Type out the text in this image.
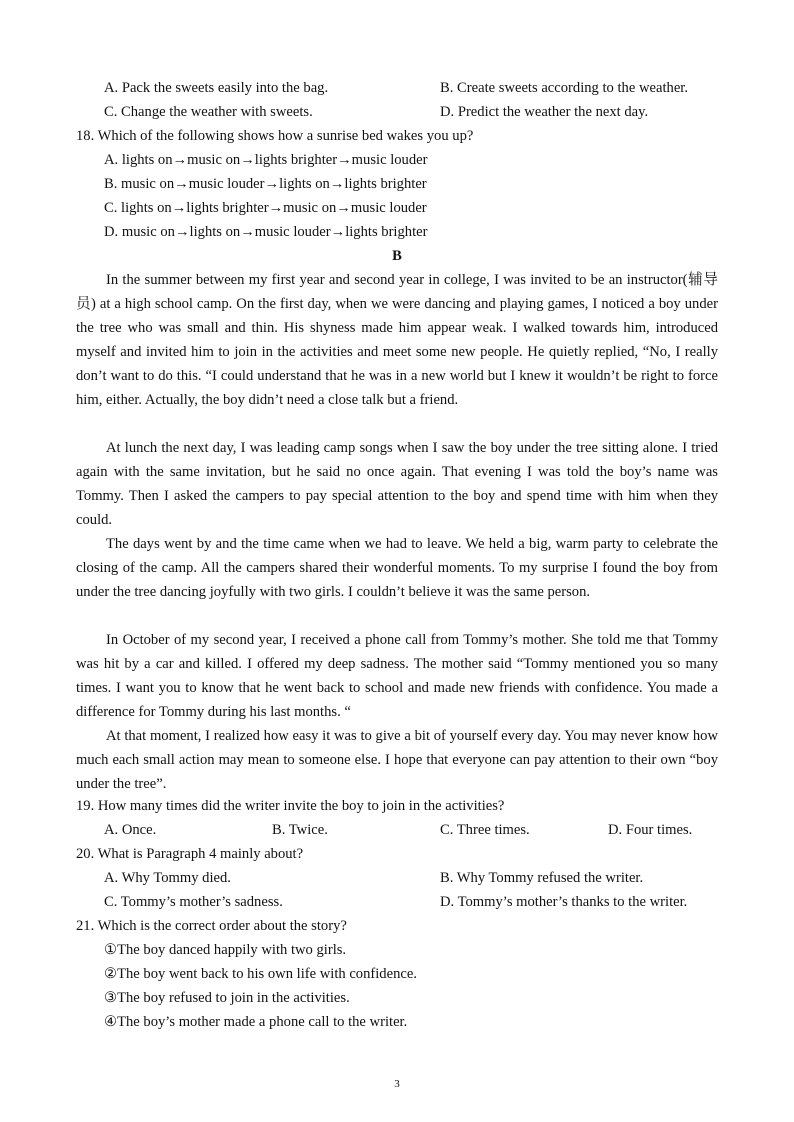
A. Pack the sweets easily into the bag.	B. Create sweets according to the weather.
C. Change the weather with sweets.	D. Predict the weather the next day.
18. Which of the following shows how a sunrise bed wakes you up?
A. lights on→music on→lights brighter→music louder
B. music on→music louder→lights on→lights brighter
C. lights on→lights brighter→music on→music louder
D. music on→lights on→music louder→lights brighter
B
In the summer between my first year and second year in college, I was invited to be an instructor(辅导员) at a high school camp. On the first day, when we were dancing and playing games, I noticed a boy under the tree who was small and thin. His shyness made him appear weak. I walked towards him, introduced myself and invited him to join in the activities and meet some new people. He quietly replied, “No, I really don’t want to do this. “I could understand that he was in a new world but I knew it wouldn’t be right to force him, either. Actually, the boy didn’t need a close talk but a friend.
At lunch the next day, I was leading camp songs when I saw the boy under the tree sitting alone. I tried again with the same invitation, but he said no once again. That evening I was told the boy’s name was Tommy. Then I asked the campers to pay special attention to the boy and spend time with him when they could.
The days went by and the time came when we had to leave. We held a big, warm party to celebrate the closing of the camp. All the campers shared their wonderful moments. To my surprise I found the boy from under the tree dancing joyfully with two girls. I couldn’t believe it was the same person.
In October of my second year, I received a phone call from Tommy’s mother. She told me that Tommy was hit by a car and killed. I offered my deep sadness. The mother said “Tommy mentioned you so many times. I want you to know that he went back to school and made new friends with confidence. You made a difference for Tommy during his last months. “
At that moment, I realized how easy it was to give a bit of yourself every day. You may never know how much each small action may mean to someone else. I hope that everyone can pay attention to their own “boy under the tree”.
19. How many times did the writer invite the boy to join in the activities?
A. Once.	B. Twice.	C. Three times.	D. Four times.
20. What is Paragraph 4 mainly about?
A. Why Tommy died.	B. Why Tommy refused the writer.
C. Tommy’s mother’s sadness.	D. Tommy’s mother’s thanks to the writer.
21. Which is the correct order about the story?
①The boy danced happily with two girls.
②The boy went back to his own life with confidence.
③The boy refused to join in the activities.
④The boy’s mother made a phone call to the writer.
3
